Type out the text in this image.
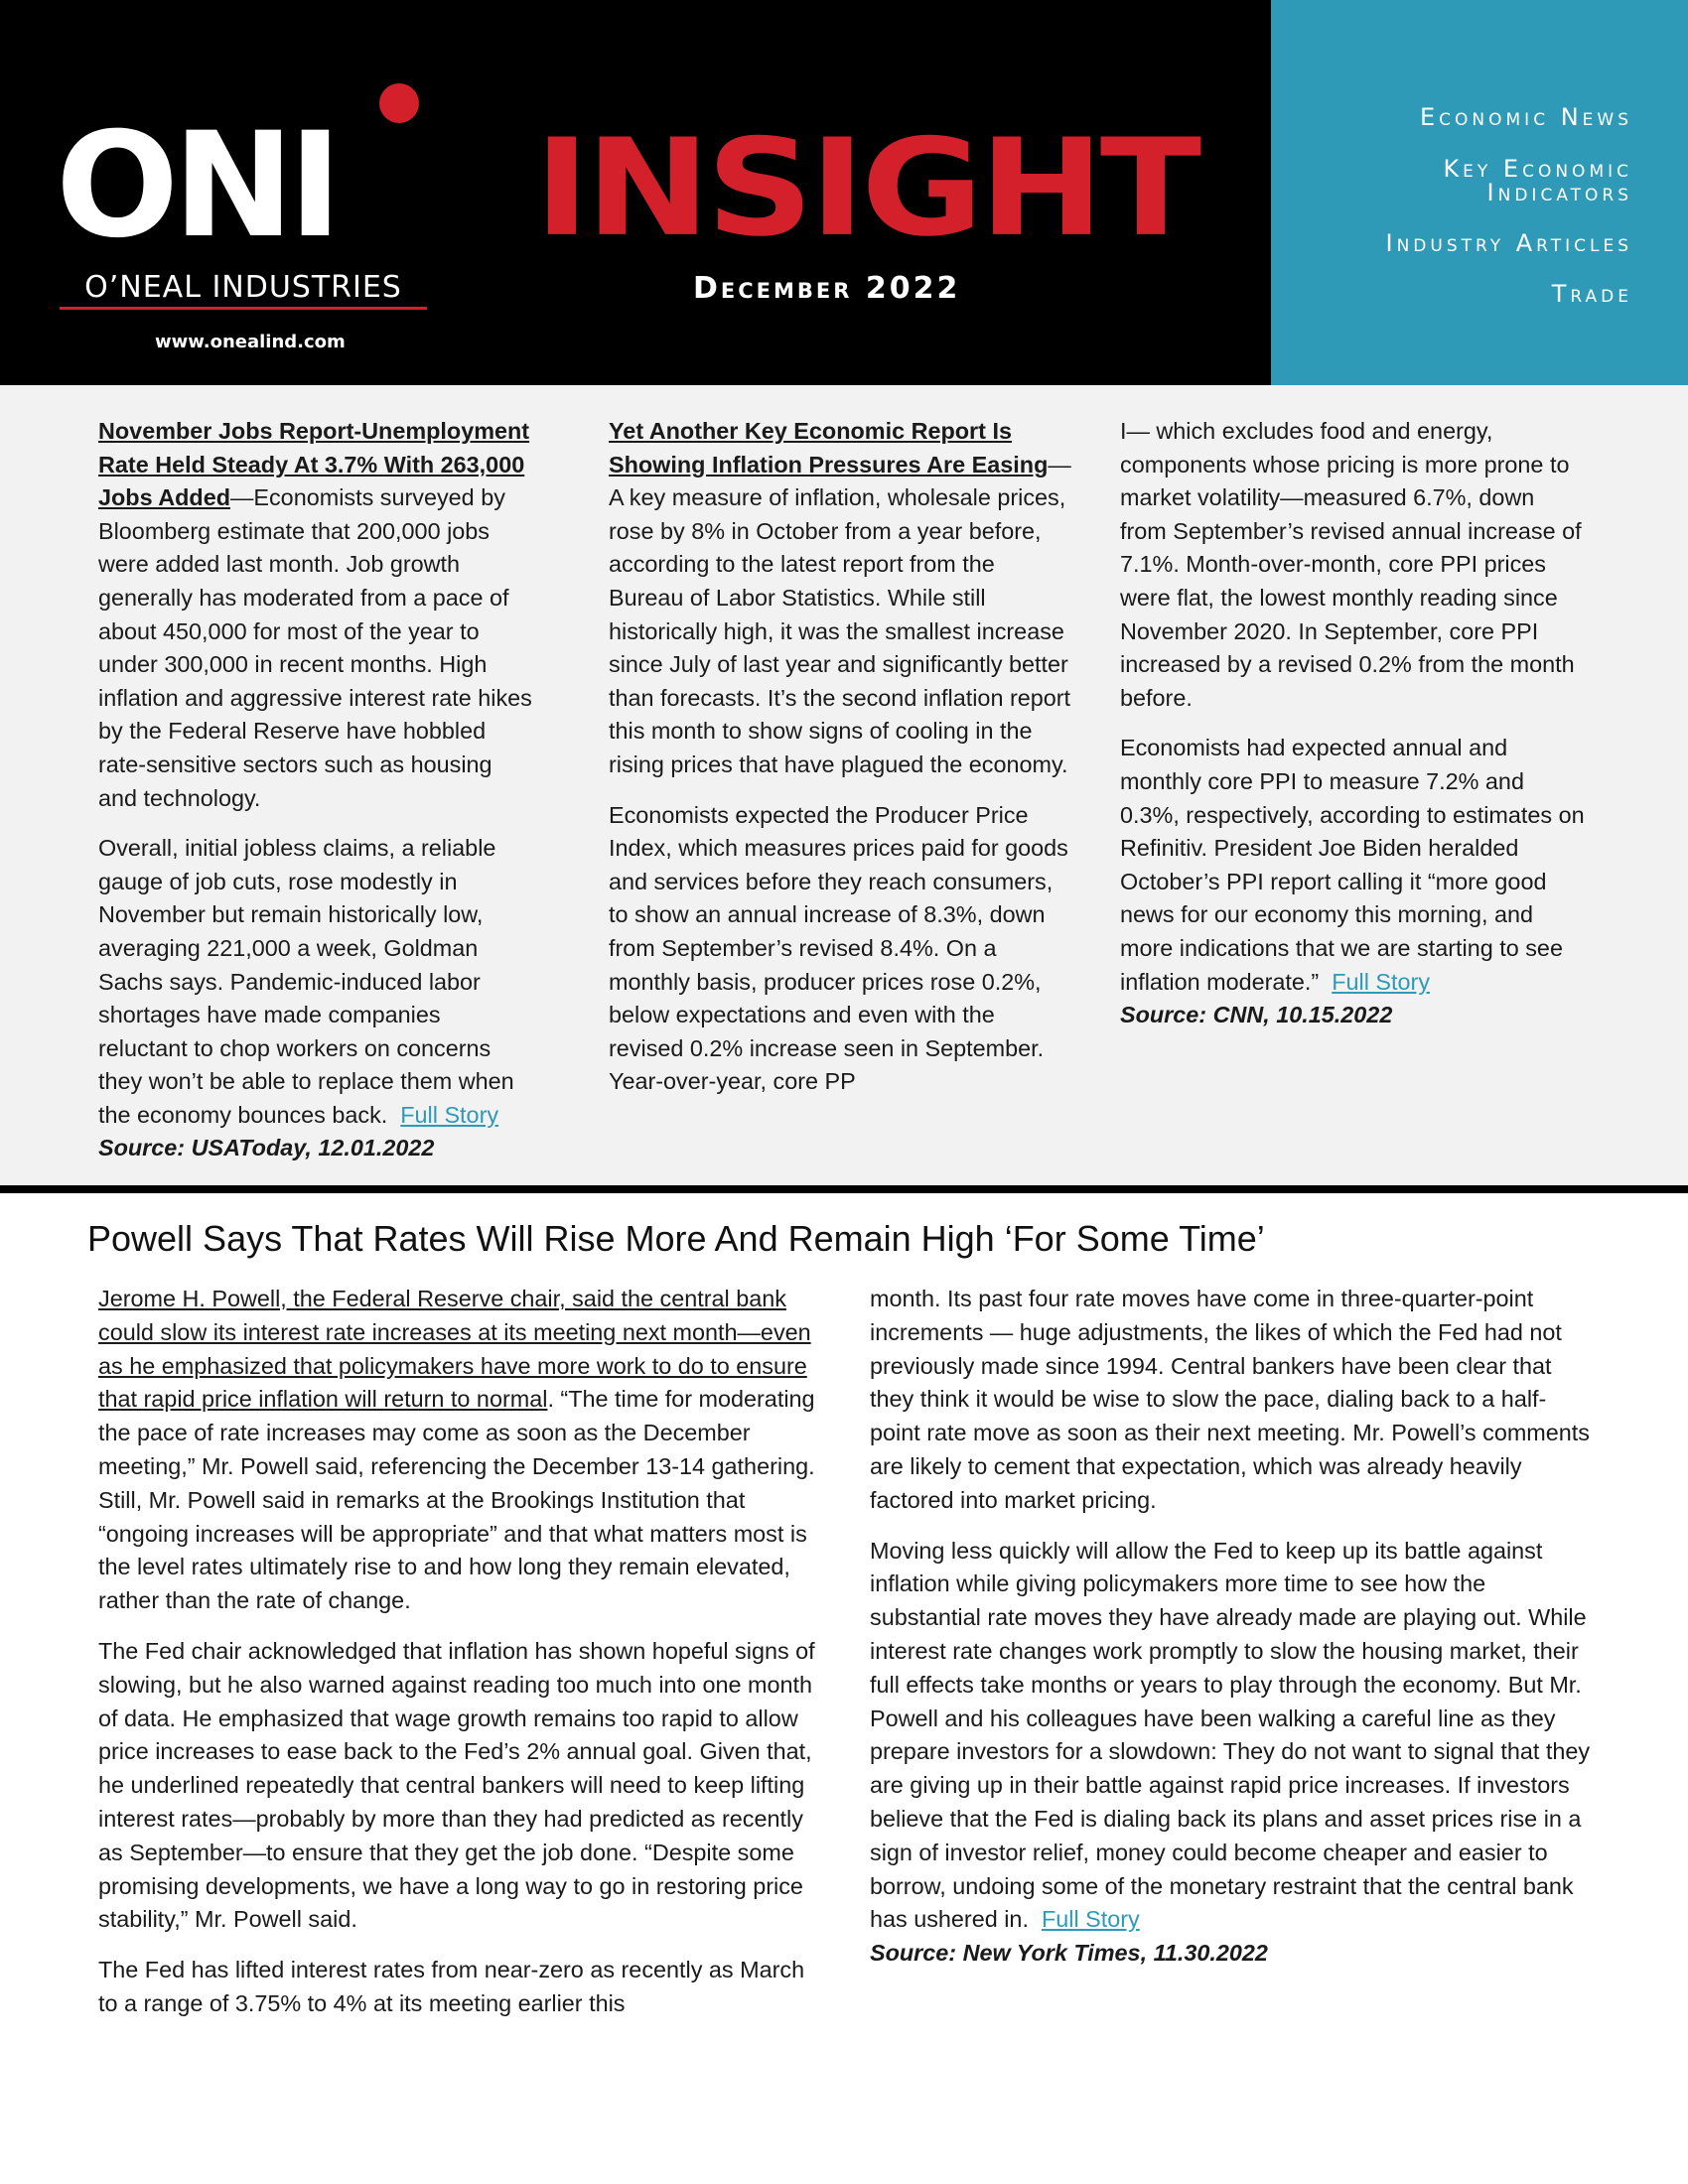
ONI
O’NEAL INDUSTRIES
www.onealind.com
INSIGHT
December 2022
Economic News
Key Economic
Indicators
Industry Articles
Trade

November Jobs Report-Unemployment Rate Held Steady At 3.7% With 263,000 Jobs Added—Economists surveyed by Bloomberg estimate that 200,000 jobs were added last month. Job growth generally has moderated from a pace of about 450,000 for most of the year to under 300,000 in recent months. High inflation and aggressive interest rate hikes by the Federal Reserve have hobbled rate-sensitive sectors such as housing and technology.

Overall, initial jobless claims, a reliable gauge of job cuts, rose modestly in November but remain historically low, averaging 221,000 a week, Goldman Sachs says. Pandemic-induced labor shortages have made companies reluctant to chop workers on concerns they won’t be able to replace them when the economy bounces back. Full Story

Source: USAToday, 12.01.2022

Yet Another Key Economic Report Is Showing Inflation Pressures Are Easing—A key measure of inflation, wholesale prices, rose by 8% in October from a year before, according to the latest report from the Bureau of Labor Statistics. While still historically high, it was the smallest increase since July of last year and significantly better than forecasts. It’s the second inflation report this month to show signs of cooling in the rising prices that have plagued the economy.

Economists expected the Producer Price Index, which measures prices paid for goods and services before they reach consumers, to show an annual increase of 8.3%, down from September’s revised 8.4%. On a monthly basis, producer prices rose 0.2%, below expectations and even with the revised 0.2% increase seen in September. Year-over-year, core PP

I— which excludes food and energy, components whose pricing is more prone to market volatility—measured 6.7%, down from September’s revised annual increase of 7.1%. Month-over-month, core PPI prices were flat, the lowest monthly reading since November 2020. In September, core PPI increased by a revised 0.2% from the month before.

Economists had expected annual and monthly core PPI to measure 7.2% and 0.3%, respectively, according to estimates on Refinitiv. President Joe Biden heralded October’s PPI report calling it “more good news for our economy this morning, and more indications that we are starting to see inflation moderate.” Full Story

Source: CNN, 10.15.2022
Powell Says That Rates Will Rise More And Remain High ‘For Some Time’

Jerome H. Powell, the Federal Reserve chair, said the central bank could slow its interest rate increases at its meeting next month—even as he emphasized that policymakers have more work to do to ensure that rapid price inflation will return to normal. “The time for moderating the pace of rate increases may come as soon as the December meeting,” Mr. Powell said, referencing the December 13-14 gathering. Still, Mr. Powell said in remarks at the Brookings Institution that “ongoing increases will be appropriate” and that what matters most is the level rates ultimately rise to and how long they remain elevated, rather than the rate of change.

The Fed chair acknowledged that inflation has shown hopeful signs of slowing, but he also warned against reading too much into one month of data. He emphasized that wage growth remains too rapid to allow price increases to ease back to the Fed’s 2% annual goal. Given that, he underlined repeatedly that central bankers will need to keep lifting interest rates—probably by more than they had predicted as recently as September—to ensure that they get the job done. “Despite some promising developments, we have a long way to go in restoring price stability,” Mr. Powell said.

The Fed has lifted interest rates from near-zero as recently as March to a range of 3.75% to 4% at its meeting earlier this

month. Its past four rate moves have come in three-quarter-point increments — huge adjustments, the likes of which the Fed had not previously made since 1994. Central bankers have been clear that they think it would be wise to slow the pace, dialing back to a half-point rate move as soon as their next meeting. Mr. Powell’s comments are likely to cement that expectation, which was already heavily factored into market pricing.

Moving less quickly will allow the Fed to keep up its battle against inflation while giving policymakers more time to see how the substantial rate moves they have already made are playing out. While interest rate changes work promptly to slow the housing market, their full effects take months or years to play through the economy. But Mr. Powell and his colleagues have been walking a careful line as they prepare investors for a slowdown: They do not want to signal that they are giving up in their battle against rapid price increases. If investors believe that the Fed is dialing back its plans and asset prices rise in a sign of investor relief, money could become cheaper and easier to borrow, undoing some of the monetary restraint that the central bank has ushered in. Full Story

Source: New York Times, 11.30.2022
